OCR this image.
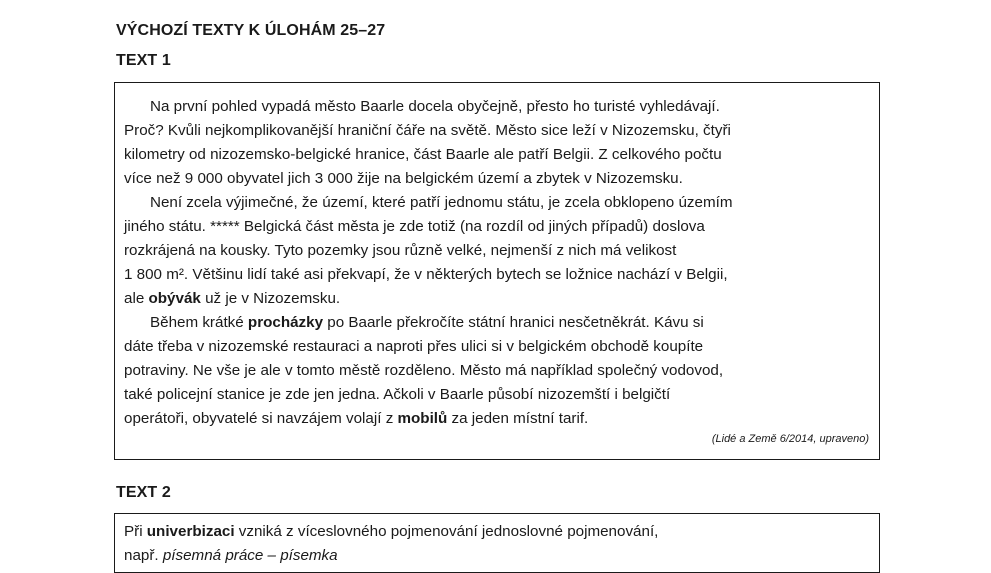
VÝCHOZÍ TEXTY K ÚLOHÁM 25–27
TEXT 1

Na první pohled vypadá město Baarle docela obyčejně, přesto ho turisté vyhledávají.
Proč? Kvůli nejkomplikovanější hraniční čáře na světě. Město sice leží v Nizozemsku, čtyři
kilometry od nizozemsko-belgické hranice, část Baarle ale patří Belgii. Z celkového počtu
více než 9 000 obyvatel jich 3 000 žije na belgickém území a zbytek v Nizozemsku.

Není zcela výjimečné, že území, které patří jednomu státu, je zcela obklopeno územím
jiného státu. ***** Belgická část města je zde totiž (na rozdíl od jiných případů) doslova
rozkrájená na kousky. Tyto pozemky jsou různě velké, nejmenší z nich má velikost
1 800 m². Většinu lidí také asi překvapí, že v některých bytech se ložnice nachází v Belgii,
ale obývák už je v Nizozemsku.

Během krátké procházky po Baarle překročíte státní hranici nesčetněkrát. Kávu si
dáte třeba v nizozemské restauraci a naproti přes ulici si v belgickém obchodě koupíte
potraviny. Ne vše je ale v tomto městě rozděleno. Město má například společný vodovod,
také policejní stanice je zde jen jedna. Ačkoli v Baarle působí nizozemští i belgičtí
operátoři, obyvatelé si navzájem volají z mobilů za jeden místní tarif.

(Lidé a Země 6/2014, upraveno)
TEXT 2
Při univerbizaci vzniká z víceslovného pojmenování jednoslovné pojmenování,
např. písemná práce – písemka
